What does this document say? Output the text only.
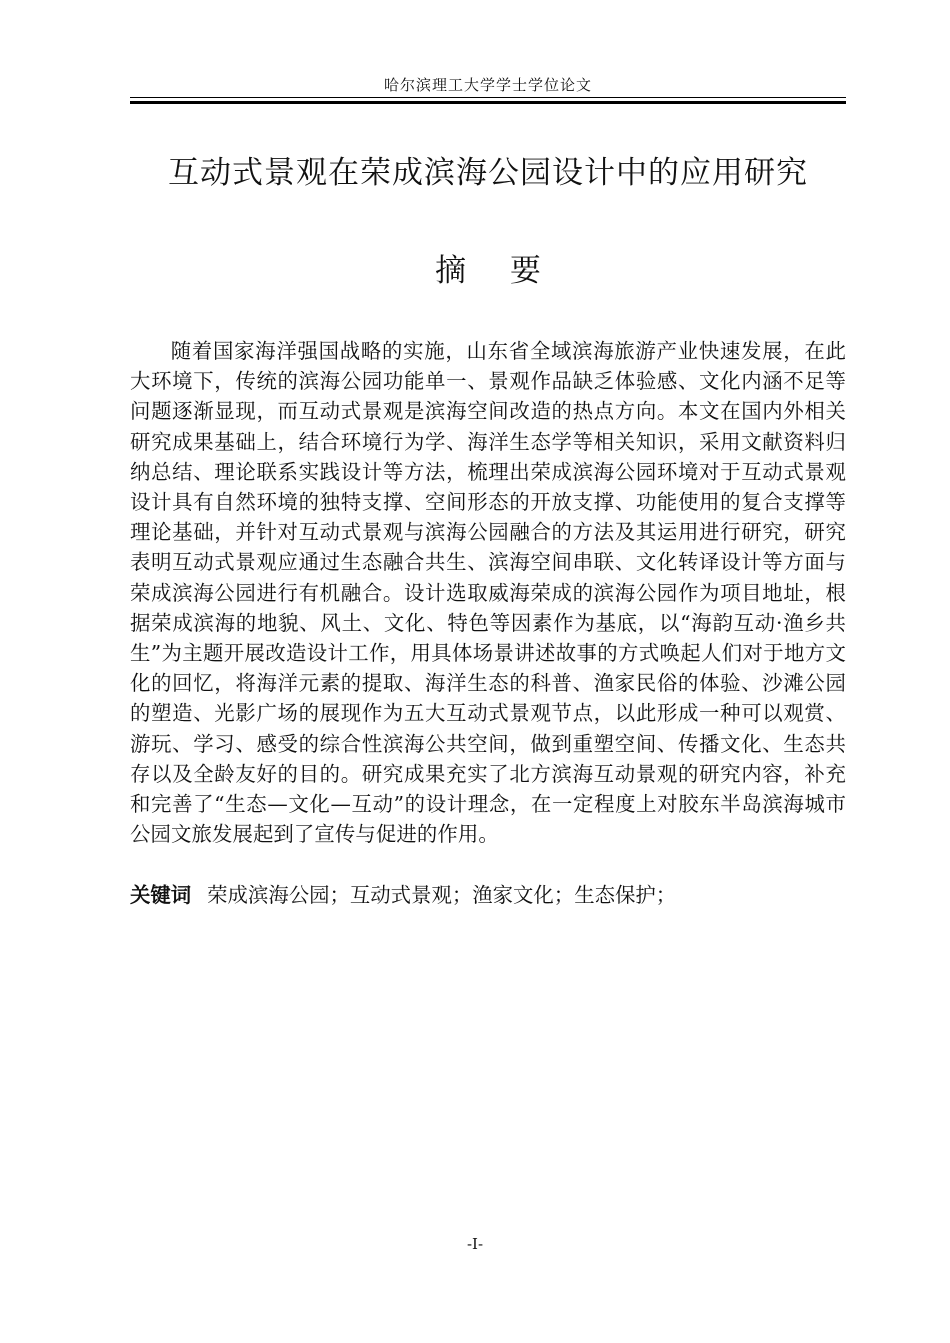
哈尔滨理工大学学士学位论文
互动式景观在荣成滨海公园设计中的应用研究
摘 要

随着国家海洋强国战略的实施，山东省全域滨海旅游产业快速发展，在此大环境下，传统的滨海公园功能单一、景观作品缺乏体验感、文化内涵不足等问题逐渐显现，而互动式景观是滨海空间改造的热点方向。本文在国内外相关研究成果基础上，结合环境行为学、海洋生态学等相关知识，采用文献资料归纳总结、理论联系实践设计等方法，梳理出荣成滨海公园环境对于互动式景观设计具有自然环境的独特支撑、空间形态的开放支撑、功能使用的复合支撑等理论基础，并针对互动式景观与滨海公园融合的方法及其运用进行研究，研究表明互动式景观应通过生态融合共生、滨海空间串联、文化转译设计等方面与荣成滨海公园进行有机融合。设计选取威海荣成的滨海公园作为项目地址，根据荣成滨海的地貌、风土、文化、特色等因素作为基底，以“海韵互动·渔乡共生”为主题开展改造设计工作，用具体场景讲述故事的方式唤起人们对于地方文化的回忆，将海洋元素的提取、海洋生态的科普、渔家民俗的体验、沙滩公园的塑造、光影广场的展现作为五大互动式景观节点，以此形成一种可以观赏、游玩、学习、感受的综合性滨海公共空间，做到重塑空间、传播文化、生态共存以及全龄友好的目的。研究成果充实了北方滨海互动景观的研究内容，补充和完善了“生态—文化—互动”的设计理念，在一定程度上对胶东半岛滨海城市公园文旅发展起到了宣传与促进的作用。

关键词 荣成滨海公园；互动式景观；渔家文化；生态保护；
-I-
